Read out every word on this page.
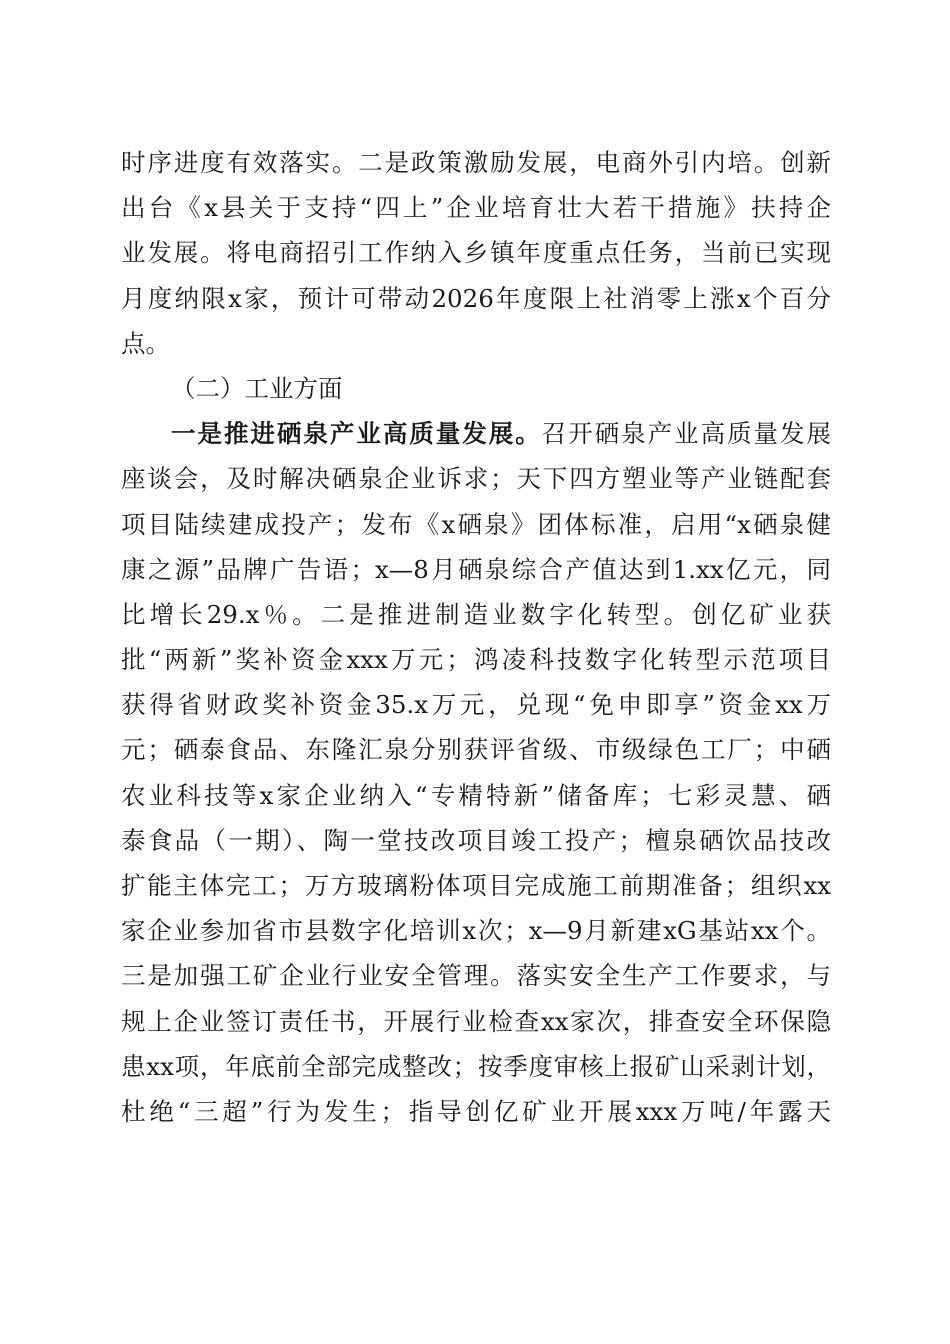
时序进度有效落实。二是政策激励发展，电商外引内培。创新
出台《x县关于支持“四上”企业培育壮大若干措施》扶持企
业发展。将电商招引工作纳入乡镇年度重点任务，当前已实现
月度纳限x家，预计可带动2026年度限上社消零上涨x个百分
点。
（二）工业方面
一是推进硒泉产业高质量发展。召开硒泉产业高质量发展
座谈会，及时解决硒泉企业诉求；天下四方塑业等产业链配套
项目陆续建成投产；发布《x硒泉》团体标准，启用“x硒泉健
康之源”品牌广告语；x—8月硒泉综合产值达到1.xx亿元，同
比增长29.x％。二是推进制造业数字化转型。创亿矿业获
批“两新”奖补资金xxx万元；鸿凌科技数字化转型示范项目
获得省财政奖补资金35.x万元，兑现“免申即享”资金xx万
元；硒泰食品、东隆汇泉分别获评省级、市级绿色工厂；中硒
农业科技等x家企业纳入“专精特新”储备库；七彩灵慧、硒
泰食品（一期）、陶一堂技改项目竣工投产；檀泉硒饮品技改
扩能主体完工；万方玻璃粉体项目完成施工前期准备；组织xx
家企业参加省市县数字化培训x次；x—9月新建xG基站xx个。
三是加强工矿企业行业安全管理。落实安全生产工作要求，与
规上企业签订责任书，开展行业检查xx家次，排查安全环保隐
患xx项，年底前全部完成整改；按季度审核上报矿山采剥计划，
杜绝“三超”行为发生；指导创亿矿业开展xxx万吨/年露天
